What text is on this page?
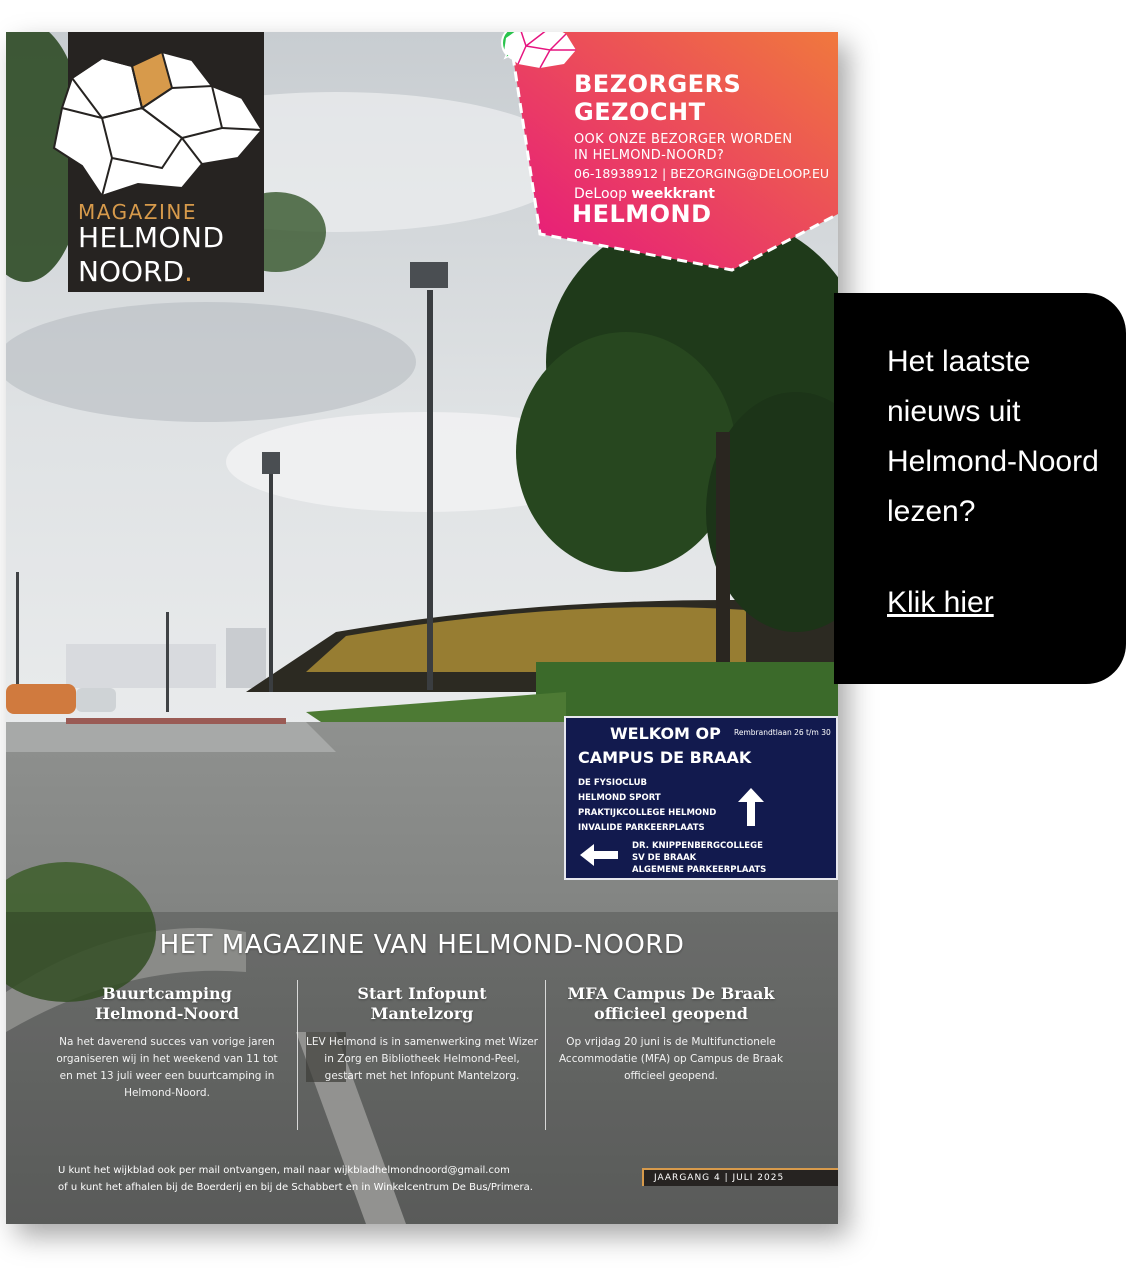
MAGAZINE
HELMOND
NOORD.
BEZORGERS
GEZOCHT
OOK ONZE BEZORGER WORDEN
IN HELMOND-NOORD?
06-18938912 | BEZORGING@DELOOP.EU
DeLoop weekkrant
HELMOND
WELKOM OP Rembrandtlaan 26 t/m 30
CAMPUS DE BRAAK
DE FYSIOCLUB
HELMOND SPORT
PRAKTIJKCOLLEGE HELMOND
INVALIDE PARKEERPLAATS
DR. KNIPPENBERGCOLLEGE
SV DE BRAAK
ALGEMENE PARKEERPLAATS
HET MAGAZINE VAN HELMOND-NOORD
Buurtcamping
Helmond-Noord

Na het daverend succes van vorige jaren organiseren wij in het weekend van 11 tot en met 13 juli weer een buurtcamping in Helmond-Noord.

Start Infopunt
Mantelzorg

LEV Helmond is in samenwerking met Wizer in Zorg en Bibliotheek Helmond-Peel, gestart met het Infopunt Mantelzorg.

MFA Campus De Braak
officieel geopend

Op vrijdag 20 juni is de Multifunctionele Accommodatie (MFA) op Campus de Braak officieel geopend.

U kunt het wijkblad ook per mail ontvangen, mail naar wijkbladhelmondnoord@gmail.com
of u kunt het afhalen bij de Boerderij en bij de Schabbert en in Winkelcentrum De Bus/Primera.
JAARGANG 4 | JULI 2025
Het laatste nieuws uit Helmond-Noord lezen?
Klik hier
